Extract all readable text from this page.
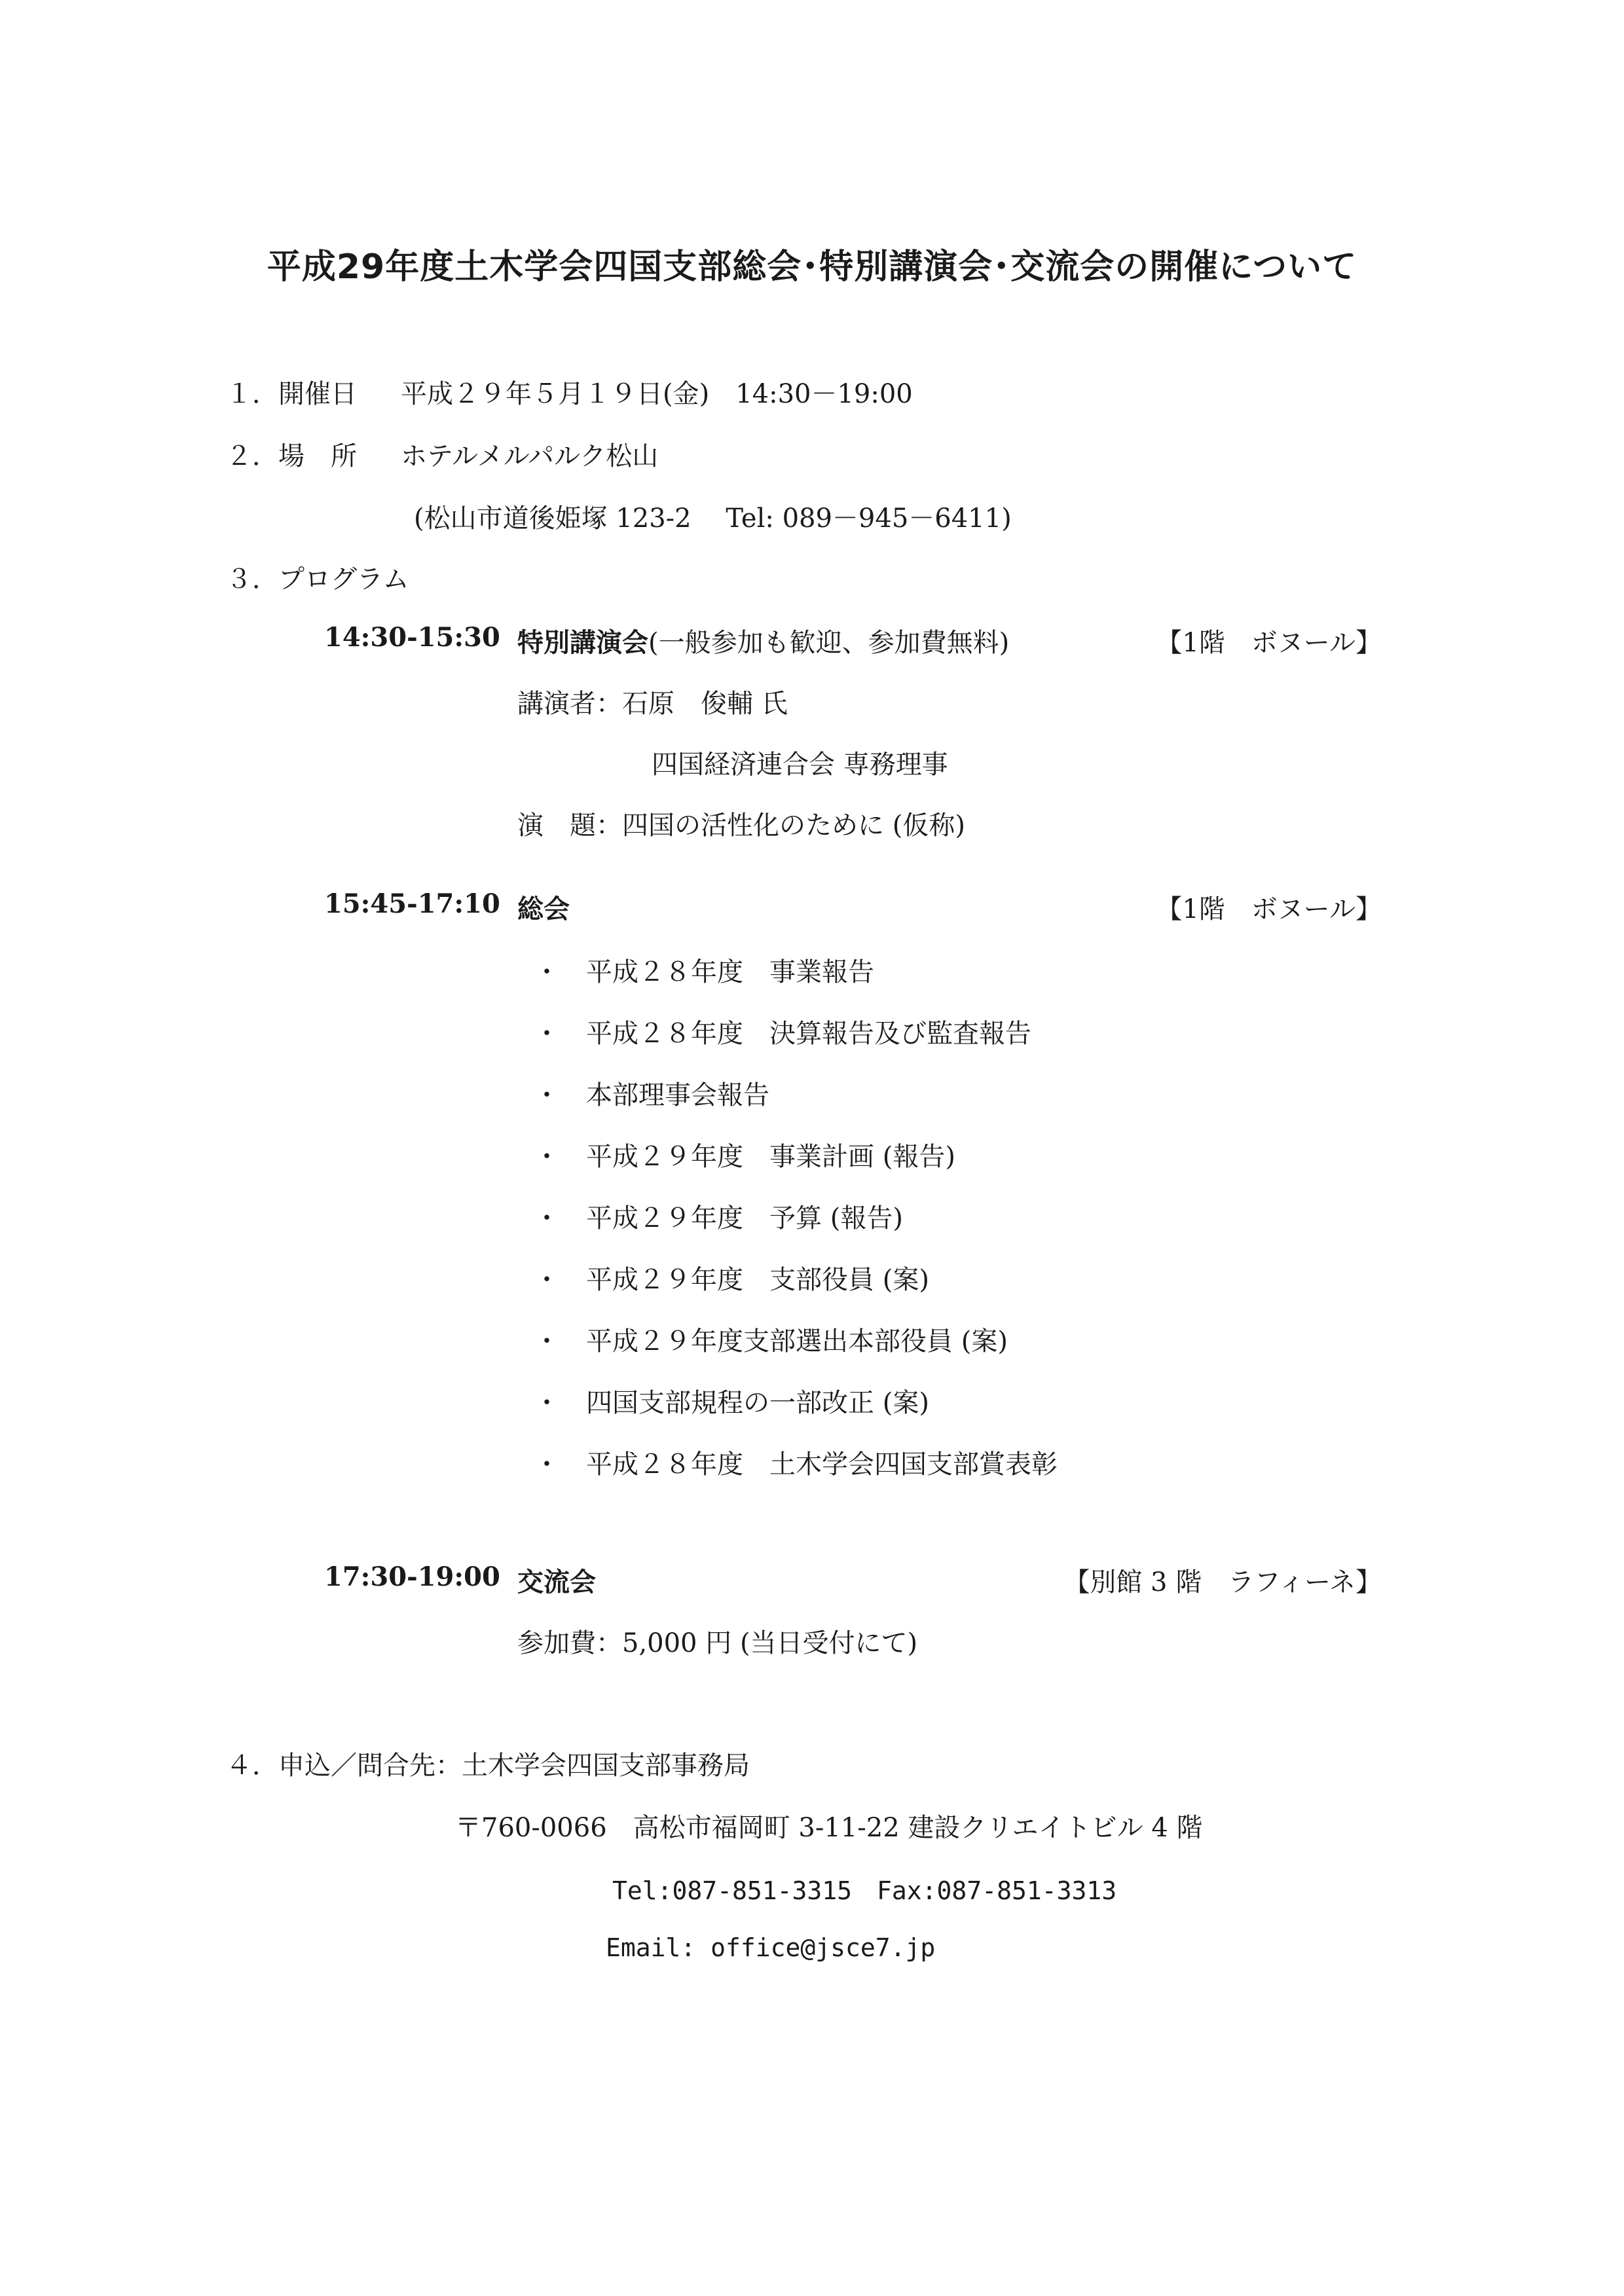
平成29年度土木学会四国支部総会･特別講演会･交流会の開催について
１．開催日 平成２９年５月１９日(金)　14:30－19:00
２．場　所 ホテルメルパルク松山
(松山市道後姫塚 123-2　 Tel: 089－945－6411)
３．プログラム
14:30-15:30 特別講演会(一般参加も歓迎、参加費無料)	【1階　ボヌール】
講演者：石原　俊輔 氏
四国経済連合会 専務理事
演　題：四国の活性化のために (仮称)
15:45-17:10 総会	【1階　ボヌール】
・ 平成２８年度　事業報告
・ 平成２８年度　決算報告及び監査報告
・ 本部理事会報告
・ 平成２９年度　事業計画 (報告)
・ 平成２９年度　予算 (報告)
・ 平成２９年度　支部役員 (案)
・ 平成２９年度支部選出本部役員 (案)
・ 四国支部規程の一部改正 (案)
・ 平成２８年度　土木学会四国支部賞表彰
17:30-19:00 交流会	【別館 3 階　ラフィーネ】
参加費：5,000 円 (当日受付にて)
４．申込／問合先：土木学会四国支部事務局
〒760-0066　高松市福岡町 3-11-22 建設クリエイトビル 4 階
Tel:087-851-3315　Fax:087-851-3313
Email: office@jsce7.jp
